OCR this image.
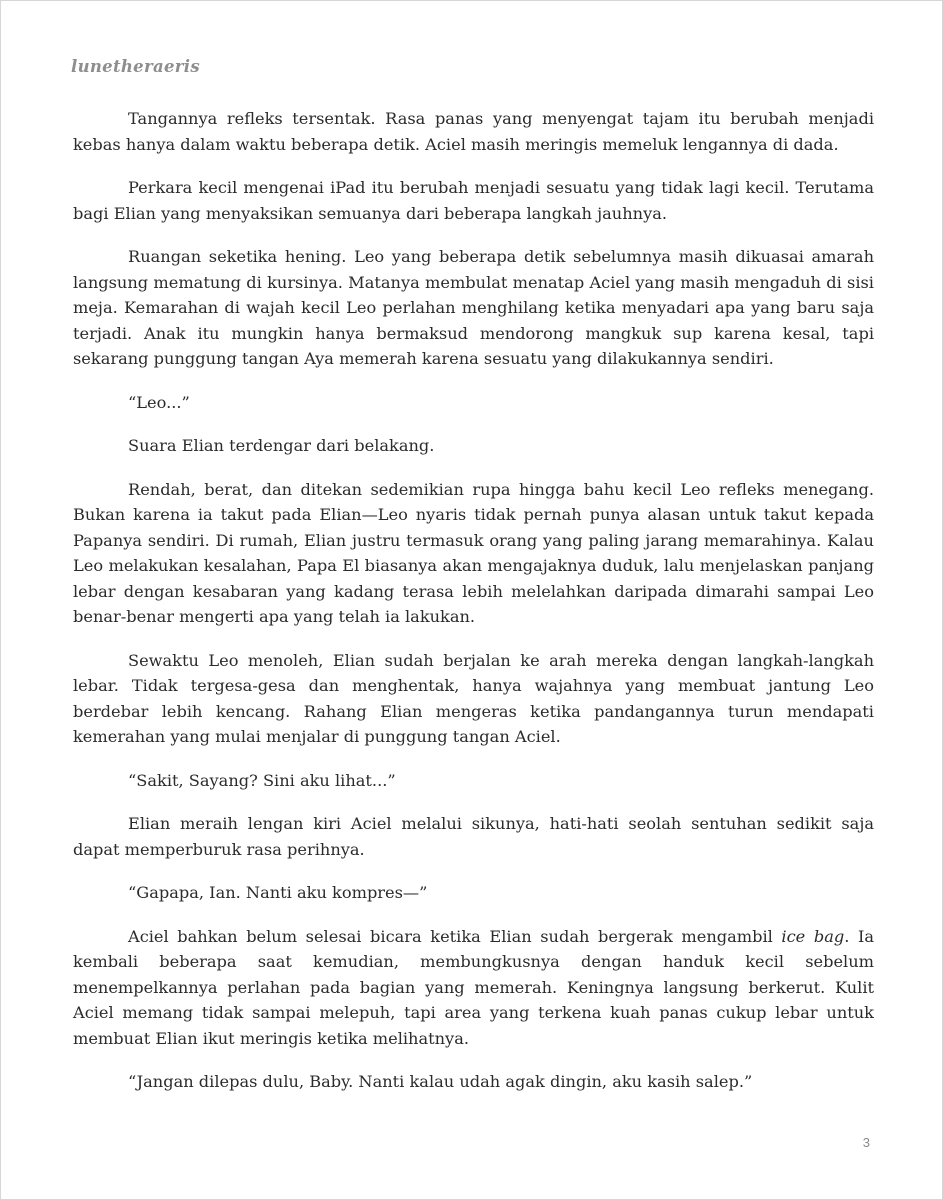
lunetheraeris

Tangannya refleks tersentak. Rasa panas yang menyengat tajam itu berubah menjadi kebas hanya dalam waktu beberapa detik. Aciel masih meringis memeluk lengannya di dada.

Perkara kecil mengenai iPad itu berubah menjadi sesuatu yang tidak lagi kecil. Terutama bagi Elian yang menyaksikan semuanya dari beberapa langkah jauhnya.

Ruangan seketika hening. Leo yang beberapa detik sebelumnya masih dikuasai amarah langsung mematung di kursinya. Matanya membulat menatap Aciel yang masih mengaduh di sisi meja. Kemarahan di wajah kecil Leo perlahan menghilang ketika menyadari apa yang baru saja terjadi. Anak itu mungkin hanya bermaksud mendorong mangkuk sup karena kesal, tapi sekarang punggung tangan Aya memerah karena sesuatu yang dilakukannya sendiri.

“Leo...”

Suara Elian terdengar dari belakang.

Rendah, berat, dan ditekan sedemikian rupa hingga bahu kecil Leo refleks menegang. Bukan karena ia takut pada Elian—Leo nyaris tidak pernah punya alasan untuk takut kepada Papanya sendiri. Di rumah, Elian justru termasuk orang yang paling jarang memarahinya. Kalau Leo melakukan kesalahan, Papa El biasanya akan mengajaknya duduk, lalu menjelaskan panjang lebar dengan kesabaran yang kadang terasa lebih melelahkan daripada dimarahi sampai Leo benar-benar mengerti apa yang telah ia lakukan.

Sewaktu Leo menoleh, Elian sudah berjalan ke arah mereka dengan langkah-langkah lebar. Tidak tergesa-gesa dan menghentak, hanya wajahnya yang membuat jantung Leo berdebar lebih kencang. Rahang Elian mengeras ketika pandangannya turun mendapati kemerahan yang mulai menjalar di punggung tangan Aciel.

“Sakit, Sayang? Sini aku lihat...”

Elian meraih lengan kiri Aciel melalui sikunya, hati-hati seolah sentuhan sedikit saja dapat memperburuk rasa perihnya.

“Gapapa, Ian. Nanti aku kompres—”

Aciel bahkan belum selesai bicara ketika Elian sudah bergerak mengambil ice bag. Ia kembali beberapa saat kemudian, membungkusnya dengan handuk kecil sebelum menempelkannya perlahan pada bagian yang memerah. Keningnya langsung berkerut. Kulit Aciel memang tidak sampai melepuh, tapi area yang terkena kuah panas cukup lebar untuk membuat Elian ikut meringis ketika melihatnya.

“Jangan dilepas dulu, Baby. Nanti kalau udah agak dingin, aku kasih salep.”

3
